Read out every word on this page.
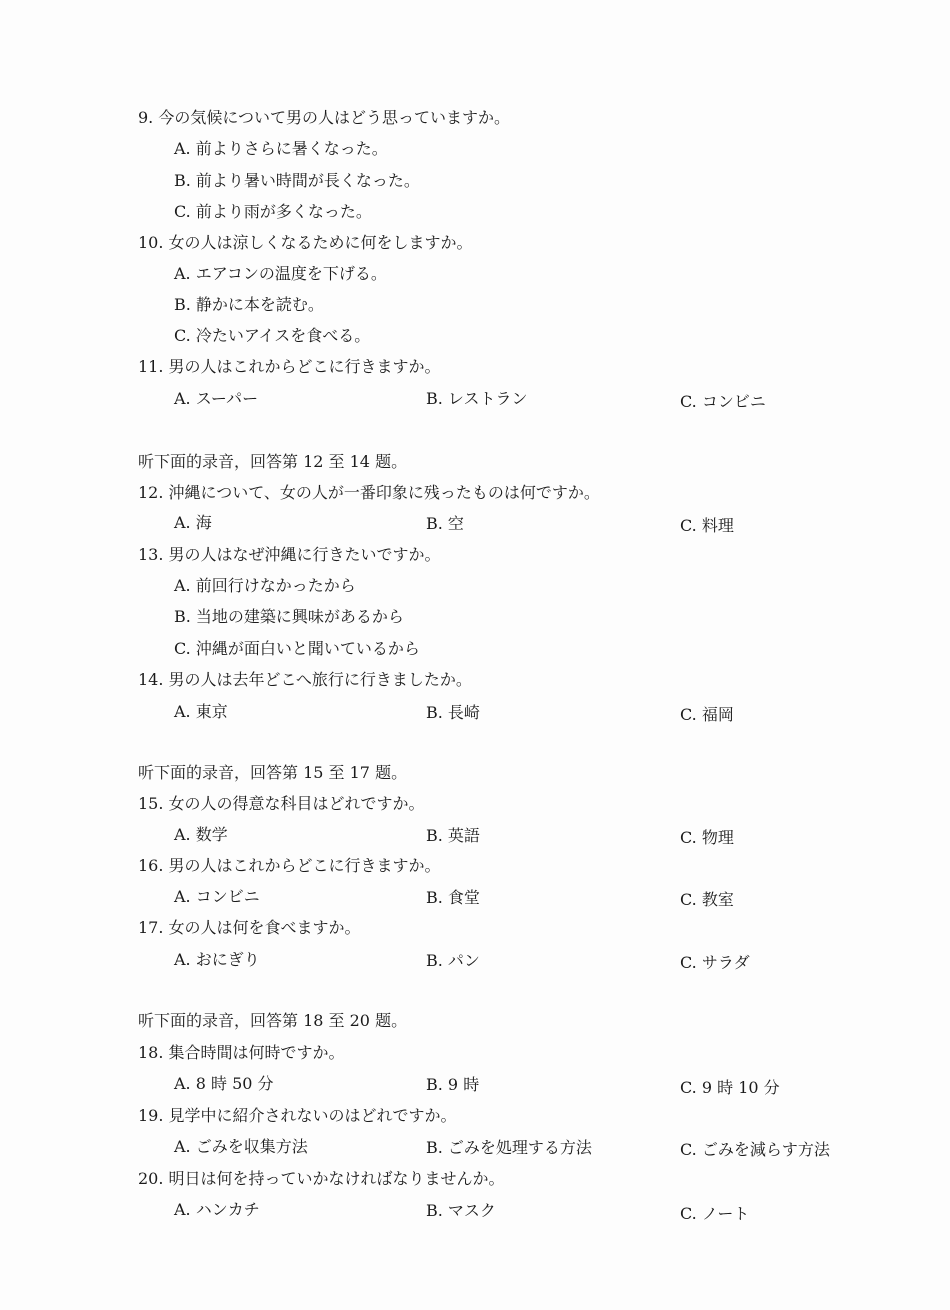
9. 今の気候について男の人はどう思っていますか。
A. 前よりさらに暑くなった。
B. 前より暑い時間が長くなった。
C. 前より雨が多くなった。
10. 女の人は涼しくなるために何をしますか。
A. エアコンの温度を下げる。
B. 静かに本を読む。
C. 冷たいアイスを食べる。
11. 男の人はこれからどこに行きますか。
A. スーパー	B. レストラン	C. コンビニ
听下面的录音，回答第 12 至 14 题。
12. 沖縄について、女の人が一番印象に残ったものは何ですか。
A. 海	B. 空	C. 料理
13. 男の人はなぜ沖縄に行きたいですか。
A. 前回行けなかったから
B. 当地の建築に興味があるから
C. 沖縄が面白いと聞いているから
14. 男の人は去年どこへ旅行に行きましたか。
A. 東京	B. 長崎	C. 福岡
听下面的录音，回答第 15 至 17 题。
15. 女の人の得意な科目はどれですか。
A. 数学	B. 英語	C. 物理
16. 男の人はこれからどこに行きますか。
A. コンビニ	B. 食堂	C. 教室
17. 女の人は何を食べますか。
A. おにぎり	B. パン	C. サラダ
听下面的录音，回答第 18 至 20 题。
18. 集合時間は何時ですか。
A. 8 時 50 分	B. 9 時	C. 9 時 10 分
19. 見学中に紹介されないのはどれですか。
A. ごみを収集方法	B. ごみを処理する方法	C. ごみを減らす方法
20. 明日は何を持っていかなければなりませんか。
A. ハンカチ	B. マスク	C. ノート
